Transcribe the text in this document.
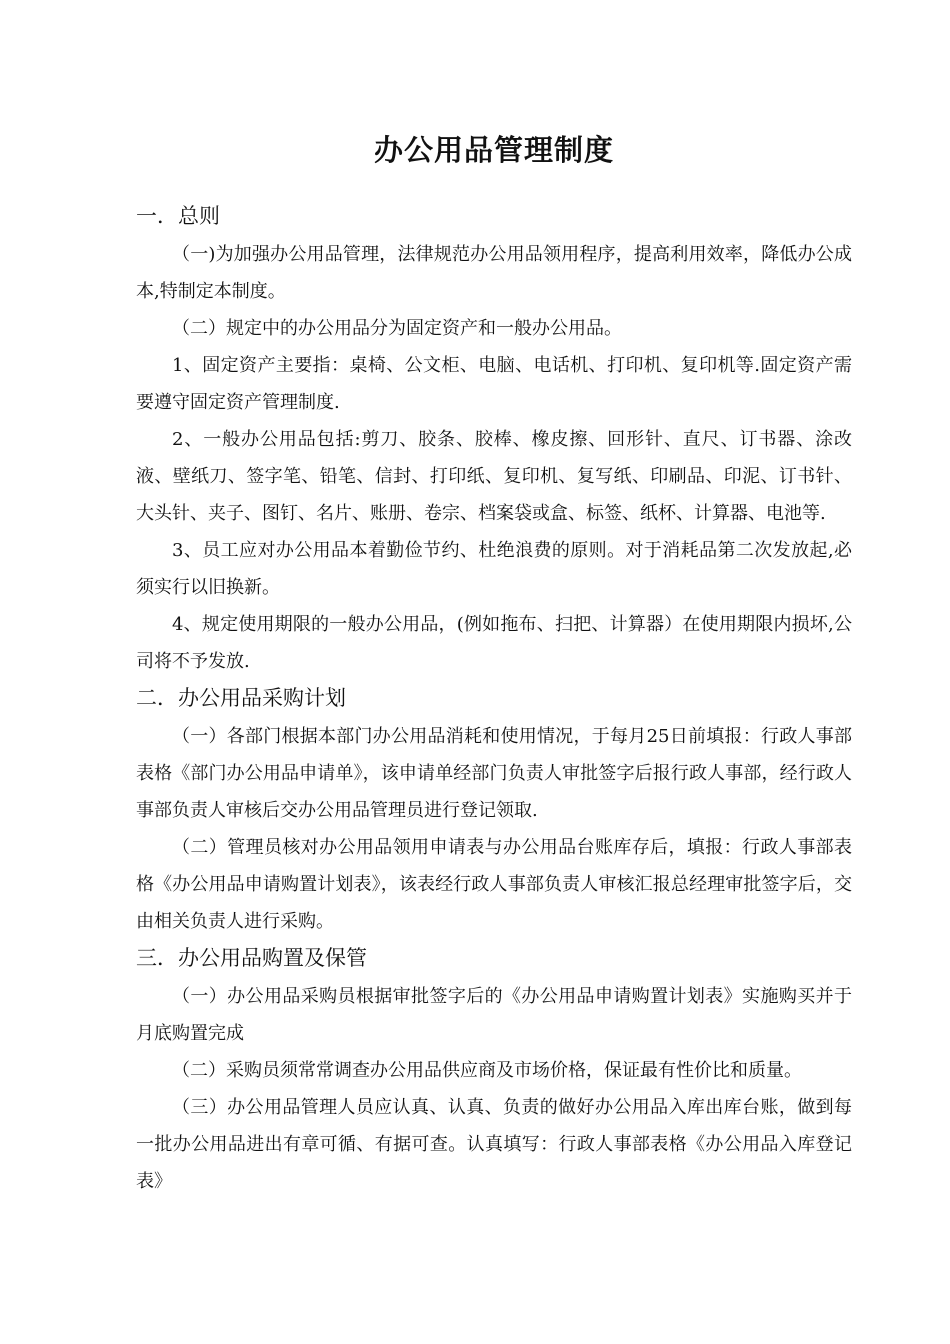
办公用品管理制度
一．总则

（一)为加强办公用品管理，法律规范办公用品领用程序，提高利用效率，降低办公成本,特制定本制度。

（二）规定中的办公用品分为固定资产和一般办公用品。

1、固定资产主要指：桌椅、公文柜、电脑、电话机、打印机、复印机等.固定资产需要遵守固定资产管理制度.

2、一般办公用品包括:剪刀、胶条、胶棒、橡皮擦、回形针、直尺、订书器、涂改液、壁纸刀、签字笔、铅笔、信封、打印纸、复印机、复写纸、印刷品、印泥、订书针、大头针、夹子、图钉、名片、账册、卷宗、档案袋或盒、标签、纸杯、计算器、电池等.

3、员工应对办公用品本着勤俭节约、杜绝浪费的原则。对于消耗品第二次发放起,必须实行以旧换新。

4、规定使用期限的一般办公用品，(例如拖布、扫把、计算器）在使用期限内损坏,公司将不予发放.

二．办公用品采购计划

（一）各部门根据本部门办公用品消耗和使用情况，于每月25日前填报：行政人事部表格《部门办公用品申请单》，该申请单经部门负责人审批签字后报行政人事部，经行政人事部负责人审核后交办公用品管理员进行登记领取.

（二）管理员核对办公用品领用申请表与办公用品台账库存后，填报：行政人事部表格《办公用品申请购置计划表》，该表经行政人事部负责人审核汇报总经理审批签字后，交由相关负责人进行采购。

三．办公用品购置及保管

（一）办公用品采购员根据审批签字后的《办公用品申请购置计划表》实施购买并于月底购置完成

（二）采购员须常常调查办公用品供应商及市场价格，保证最有性价比和质量。

（三）办公用品管理人员应认真、认真、负责的做好办公用品入库出库台账，做到每一批办公用品进出有章可循、有据可查。认真填写：行政人事部表格《办公用品入库登记表》
